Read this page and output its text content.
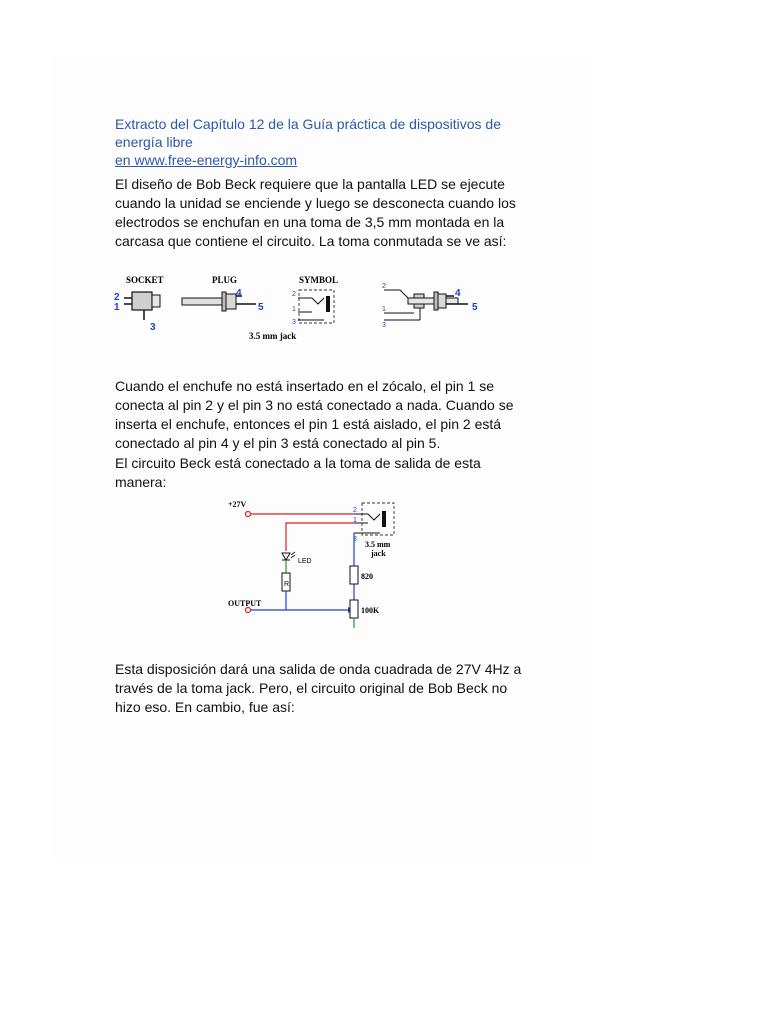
Extracto del Capítulo 12 de la Guía práctica de dispositivos de energía libre
en www.free-energy-info.com
El diseño de Bob Beck requiere que la pantalla LED se ejecute cuando la unidad se enciende y luego se desconecta cuando los electrodos se enchufan en una toma de 3,5 mm montada en la carcasa que contiene el circuito. La toma conmutada se ve así:
SOCKET	PLUG	SYMBOL
2
1
3
4
5
2
1
3
2
1
3
4
5
3.5 mm jack
Cuando el enchufe no está insertado en el zócalo, el pin 1 se conecta al pin 2 y el pin 3 no está conectado a nada. Cuando se inserta el enchufe, entonces el pin 1 está aislado, el pin 2 está conectado al pin 4 y el pin 3 está conectado al pin 5.
El circuito Beck está conectado a la toma de salida de esta manera:
+27V
2
1
3
3.5 mm
jack
LED
R
820
100K
OUTPUT
Esta disposición dará una salida de onda cuadrada de 27V 4Hz a través de la toma jack. Pero, el circuito original de Bob Beck no hizo eso. En cambio, fue así:
